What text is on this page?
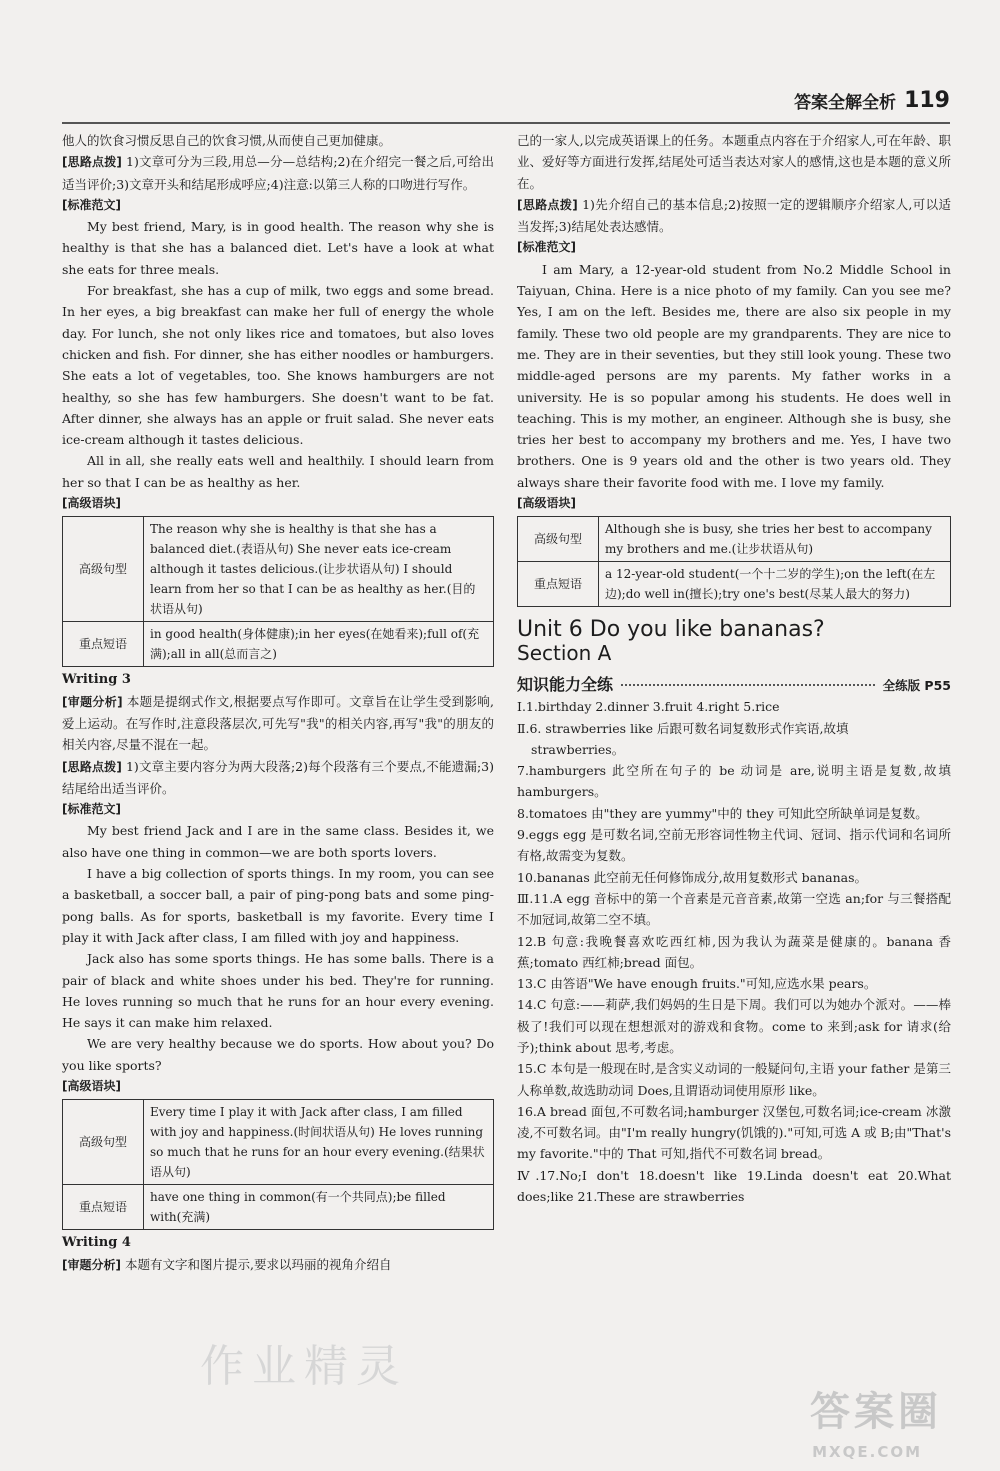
答案全解全析 119

他人的饮食习惯反思自己的饮食习惯,从而使自己更加健康。

[思路点拨] 1)文章可分为三段,用总—分—总结构;2)在介绍完一餐之后,可给出适当评价;3)文章开头和结尾形成呼应;4)注意:以第三人称的口吻进行写作。

[标准范文]

My best friend, Mary, is in good health. The reason why she is healthy is that she has a balanced diet. Let's have a look at what she eats for three meals.

For breakfast, she has a cup of milk, two eggs and some bread. In her eyes, a big breakfast can make her full of energy the whole day. For lunch, she not only likes rice and tomatoes, but also loves chicken and fish. For dinner, she has either noodles or hamburgers. She eats a lot of vegetables, too. She knows hamburgers are not healthy, so she has few hamburgers. She doesn't want to be fat. After dinner, she always has an apple or fruit salad. She never eats ice-cream although it tastes delicious.

All in all, she really eats well and healthily. I should learn from her so that I can be as healthy as her.

[高级语块]

高级句型	The reason why she is healthy is that she has a balanced diet.(表语从句) She never eats ice-cream although it tastes delicious.(让步状语从句) I should learn from her so that I can be as healthy as her.(目的状语从句)
重点短语	in good health(身体健康);in her eyes(在她看来);full of(充满);all in all(总而言之)

Writing 3

[审题分析] 本题是提纲式作文,根据要点写作即可。文章旨在让学生受到影响,爱上运动。在写作时,注意段落层次,可先写"我"的相关内容,再写"我"的朋友的相关内容,尽量不混在一起。

[思路点拨] 1)文章主要内容分为两大段落;2)每个段落有三个要点,不能遗漏;3)结尾给出适当评价。

[标准范文]

My best friend Jack and I are in the same class. Besides it, we also have one thing in common—we are both sports lovers.

I have a big collection of sports things. In my room, you can see a basketball, a soccer ball, a pair of ping-pong bats and some ping-pong balls. As for sports, basketball is my favorite. Every time I play it with Jack after class, I am filled with joy and happiness.

Jack also has some sports things. He has some balls. There is a pair of black and white shoes under his bed. They're for running. He loves running so much that he runs for an hour every evening. He says it can make him relaxed.

We are very healthy because we do sports. How about you? Do you like sports?

[高级语块]

高级句型	Every time I play it with Jack after class, I am filled with joy and happiness.(时间状语从句) He loves running so much that he runs for an hour every evening.(结果状语从句)
重点短语	have one thing in common(有一个共同点);be filled with(充满)

Writing 4

[审题分析] 本题有文字和图片提示,要求以玛丽的视角介绍自

己的一家人,以完成英语课上的任务。本题重点内容在于介绍家人,可在年龄、职业、爱好等方面进行发挥,结尾处可适当表达对家人的感情,这也是本题的意义所在。

[思路点拨] 1)先介绍自己的基本信息;2)按照一定的逻辑顺序介绍家人,可以适当发挥;3)结尾处表达感情。

[标准范文]

I am Mary, a 12-year-old student from No.2 Middle School in Taiyuan, China. Here is a nice photo of my family. Can you see me? Yes, I am on the left. Besides me, there are also six people in my family. These two old people are my grandparents. They are nice to me. They are in their seventies, but they still look young. These two middle-aged persons are my parents. My father works in a university. He is so popular among his students. He does well in teaching. This is my mother, an engineer. Although she is busy, she tries her best to accompany my brothers and me. Yes, I have two brothers. One is 9 years old and the other is two years old. They always share their favorite food with me. I love my family.

[高级语块]

高级句型	Although she is busy, she tries her best to accompany my brothers and me.(让步状语从句)
重点短语	a 12-year-old student(一个十二岁的学生);on the left(在左边);do well in(擅长);try one's best(尽某人最大的努力)

Unit 6 Do you like bananas?

Section A

知识能力全练	全练版 P55

Ⅰ.1.birthday 2.dinner 3.fruit 4.right 5.rice

Ⅱ.6. strawberries like 后跟可数名词复数形式作宾语,故填

strawberries。

7.hamburgers 此空所在句子的 be 动词是 are,说明主语是复数,故填 hamburgers。

8.tomatoes 由"they are yummy"中的 they 可知此空所缺单词是复数。

9.eggs egg 是可数名词,空前无形容词性物主代词、冠词、指示代词和名词所有格,故需变为复数。

10.bananas 此空前无任何修饰成分,故用复数形式 bananas。

Ⅲ.11.A egg 音标中的第一个音素是元音音素,故第一空选 an;for 与三餐搭配不加冠词,故第二空不填。

12.B 句意:我晚餐喜欢吃西红柿,因为我认为蔬菜是健康的。banana 香蕉;tomato 西红柿;bread 面包。

13.C 由答语"We have enough fruits."可知,应选水果 pears。

14.C 句意:——莉萨,我们妈妈的生日是下周。我们可以为她办个派对。——棒极了!我们可以现在想想派对的游戏和食物。come to 来到;ask for 请求(给予);think about 思考,考虑。

15.C 本句是一般现在时,是含实义动词的一般疑问句,主语 your father 是第三人称单数,故选助动词 Does,且谓语动词使用原形 like。

16.A bread 面包,不可数名词;hamburger 汉堡包,可数名词;ice-cream 冰激凌,不可数名词。由"I'm really hungry(饥饿的)."可知,可选 A 或 B;由"That's my favorite."中的 That 可知,指代不可数名词 bread。

Ⅳ.17.No;I don't 18.doesn't like 19.Linda doesn't eat 20.What does;like 21.These are strawberries

作业精灵
答案圈
MXQE.COM
